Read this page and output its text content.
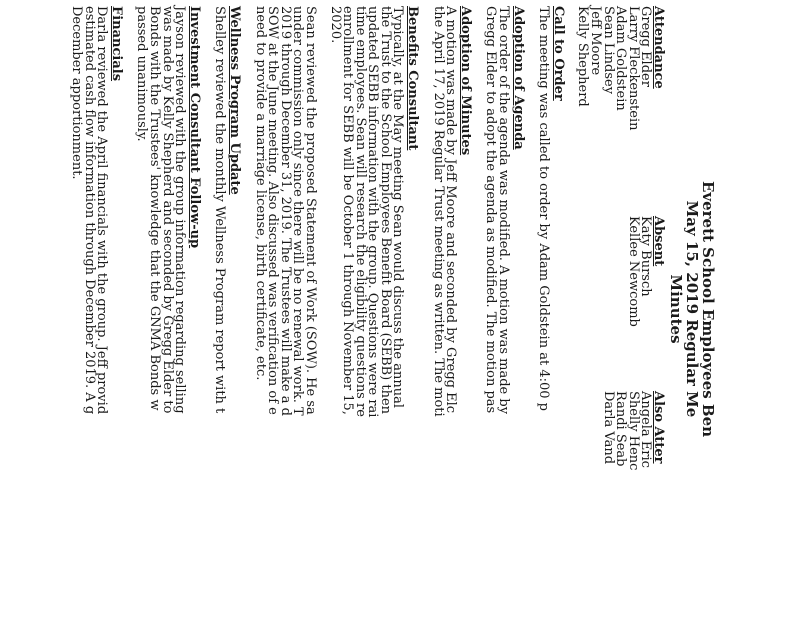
Everett School Employees Ben
May 15, 2019 Regular Me
Minutes
Attendance
Gregg Elder
Larry Fleckenstein
Adam Goldstein
Sean Lindsey
Jeff Moore
Kelly Shepherd
Absent
Katy Bursch
Kellee Newcomb
Also Atter
Angela Eric
Shelly Henc
Randi Seab
Darla Vand
Call to Order
The meeting was called to order by Adam Goldstein at 4:00 p
Adoption of Agenda
The order of the agenda was modified. A motion was made by
Gregg Elder to adopt the agenda as modified. The motion pas
Adoption of Minutes
A motion was made by Jeff Moore and seconded by Gregg Elc
the April 17, 2019 Regular Trust meeting as written. The moti
Benefits Consultant
Typically, at the May meeting Sean would discuss the annual
the Trust to the School Employees Benefit Board (SEBB) then
updated SEBB information with the group. Questions were rai
time employees. Sean will research the eligibility questions re
enrollment for SEBB will be October 1 through November 15,
2020.
Sean reviewed the proposed Statement of Work (SOW). He sa
under commission only since there will be no renewal work. T
2019 through December 31, 2019. The Trustees will make a d
SOW at the June meeting. Also discussed was verification of e
need to provide a marriage license, birth certificate, etc.
Wellness Program Update
Shelley reviewed the monthly Wellness Program report with t
Investment Consultant Follow-up
Jayson reviewed with the group information regarding selling
was made by Kelly Shepherd and seconded by Gregg Elder to
Bonds with the Trustees' knowledge that the GNMA Bonds w
passed unanimously.
Financials
Darla reviewed the April financials with the group. Jeff provid
estimated cash flow information through December 2019. A g
December apportionment.
